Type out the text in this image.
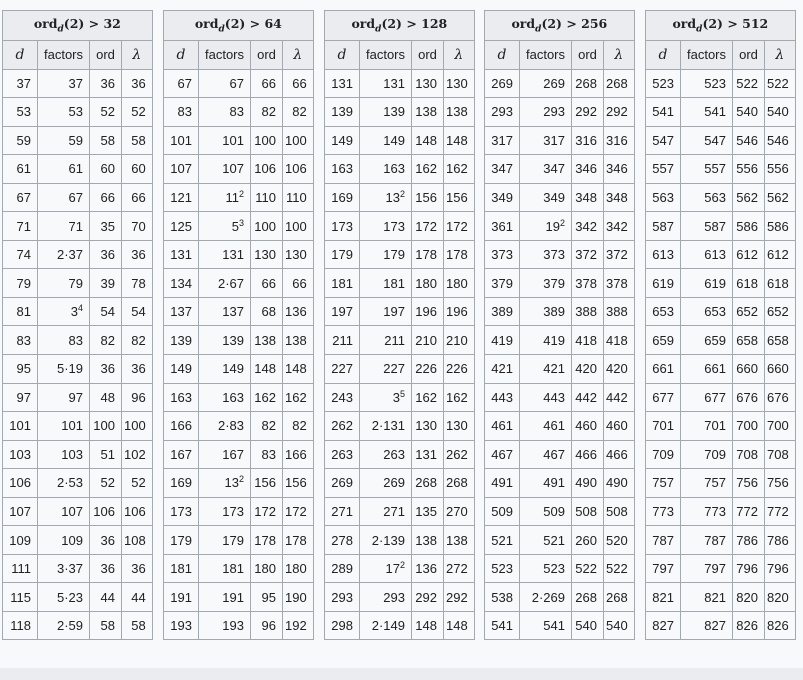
ord$_d$(2) > 32			
d	factors	ord	λ
37	37	36	36
53	53	52	52
59	59	58	58
61	61	60	60
67	67	66	66
71	71	35	70
74	2·37	36	36
79	79	39	78
81	$3^4$	54	54
83	83	82	82
95	5·19	36	36
97	97	48	96
101	101	100	100
103	103	51	102
106	2·53	52	52
107	107	106	106
109	109	36	108
111	3·37	36	36
115	5·23	44	44
118	2·59	58	58
ord$_d$(2) > 64			
d	factors	ord	λ
67	67	66	66
83	83	82	82
101	101	100	100
107	107	106	106
121	$11^2$	110	110
125	$5^3$	100	100
131	131	130	130
134	2·67	66	66
137	137	68	136
139	139	138	138
149	149	148	148
163	163	162	162
166	2·83	82	82
167	167	83	166
169	$13^2$	156	156
173	173	172	172
179	179	178	178
181	181	180	180
191	191	95	190
193	193	96	192
ord$_d$(2) > 128			
d	factors	ord	λ
131	131	130	130
139	139	138	138
149	149	148	148
163	163	162	162
169	$13^2$	156	156
173	173	172	172
179	179	178	178
181	181	180	180
197	197	196	196
211	211	210	210
227	227	226	226
243	$3^5$	162	162
262	2·131	130	130
263	263	131	262
269	269	268	268
271	271	135	270
278	2·139	138	138
289	$17^2$	136	272
293	293	292	292
298	2·149	148	148
ord$_d$(2) > 256			
d	factors	ord	λ
269	269	268	268
293	293	292	292
317	317	316	316
347	347	346	346
349	349	348	348
361	$19^2$	342	342
373	373	372	372
379	379	378	378
389	389	388	388
419	419	418	418
421	421	420	420
443	443	442	442
461	461	460	460
467	467	466	466
491	491	490	490
509	509	508	508
521	521	260	520
523	523	522	522
538	2·269	268	268
541	541	540	540
ord$_d$(2) > 512			
d	factors	ord	λ
523	523	522	522
541	541	540	540
547	547	546	546
557	557	556	556
563	563	562	562
587	587	586	586
613	613	612	612
619	619	618	618
653	653	652	652
659	659	658	658
661	661	660	660
677	677	676	676
701	701	700	700
709	709	708	708
757	757	756	756
773	773	772	772
787	787	786	786
797	797	796	796
821	821	820	820
827	827	826	826
